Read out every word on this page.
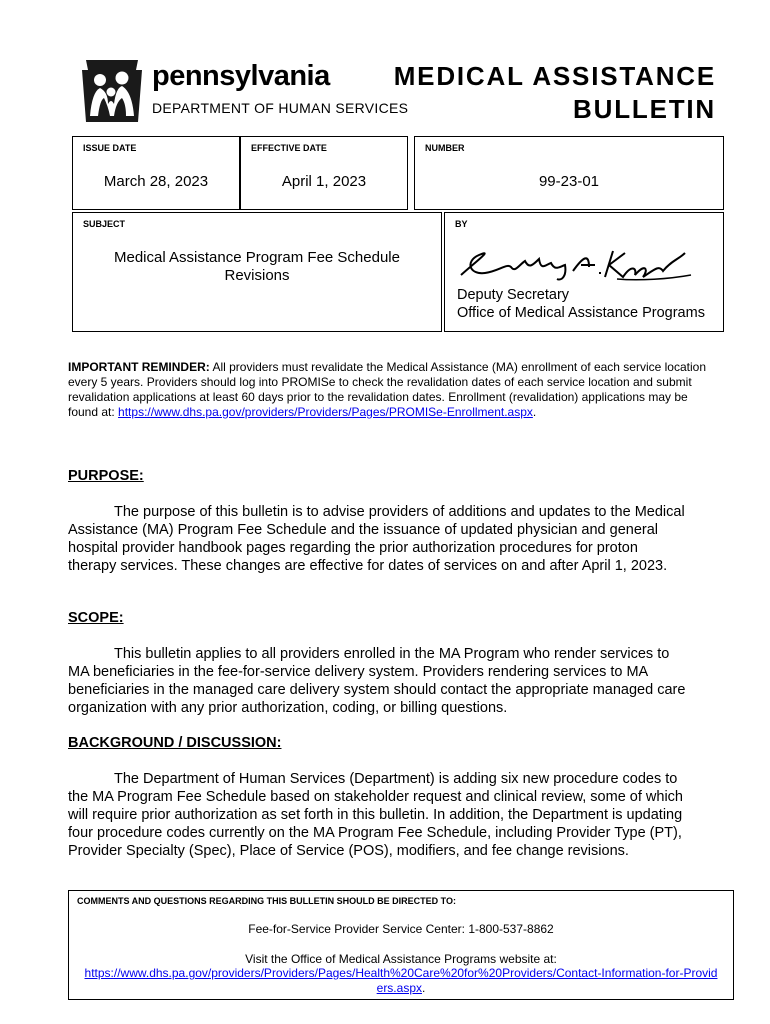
pennsylvania
DEPARTMENT OF HUMAN SERVICES
MEDICAL ASSISTANCE
BULLETIN
ISSUE DATE
March 28, 2023
EFFECTIVE DATE
April 1, 2023
NUMBER
99-23-01
SUBJECT
Medical Assistance Program Fee Schedule Revisions
BY
Deputy Secretary
Office of Medical Assistance Programs
IMPORTANT REMINDER: All providers must revalidate the Medical Assistance (MA) enrollment of each service location every 5 years. Providers should log into PROMISe to check the revalidation dates of each service location and submit revalidation applications at least 60 days prior to the revalidation dates. Enrollment (revalidation) applications may be found at: https://www.dhs.pa.gov/providers/Providers/Pages/PROMISe-Enrollment.aspx.
PURPOSE:
The purpose of this bulletin is to advise providers of additions and updates to the Medical Assistance (MA) Program Fee Schedule and the issuance of updated physician and general hospital provider handbook pages regarding the prior authorization procedures for proton therapy services. These changes are effective for dates of services on and after April 1, 2023.
SCOPE:
This bulletin applies to all providers enrolled in the MA Program who render services to MA beneficiaries in the fee-for-service delivery system. Providers rendering services to MA beneficiaries in the managed care delivery system should contact the appropriate managed care organization with any prior authorization, coding, or billing questions.
BACKGROUND / DISCUSSION:
The Department of Human Services (Department) is adding six new procedure codes to the MA Program Fee Schedule based on stakeholder request and clinical review, some of which will require prior authorization as set forth in this bulletin. In addition, the Department is updating four procedure codes currently on the MA Program Fee Schedule, including Provider Type (PT), Provider Specialty (Spec), Place of Service (POS), modifiers, and fee change revisions.
COMMENTS AND QUESTIONS REGARDING THIS BULLETIN SHOULD BE DIRECTED TO:
Fee-for-Service Provider Service Center: 1-800-537-8862
Visit the Office of Medical Assistance Programs website at:
https://www.dhs.pa.gov/providers/Providers/Pages/Health%20Care%20for%20Providers/Contact-Information-for-Providers.aspx.
